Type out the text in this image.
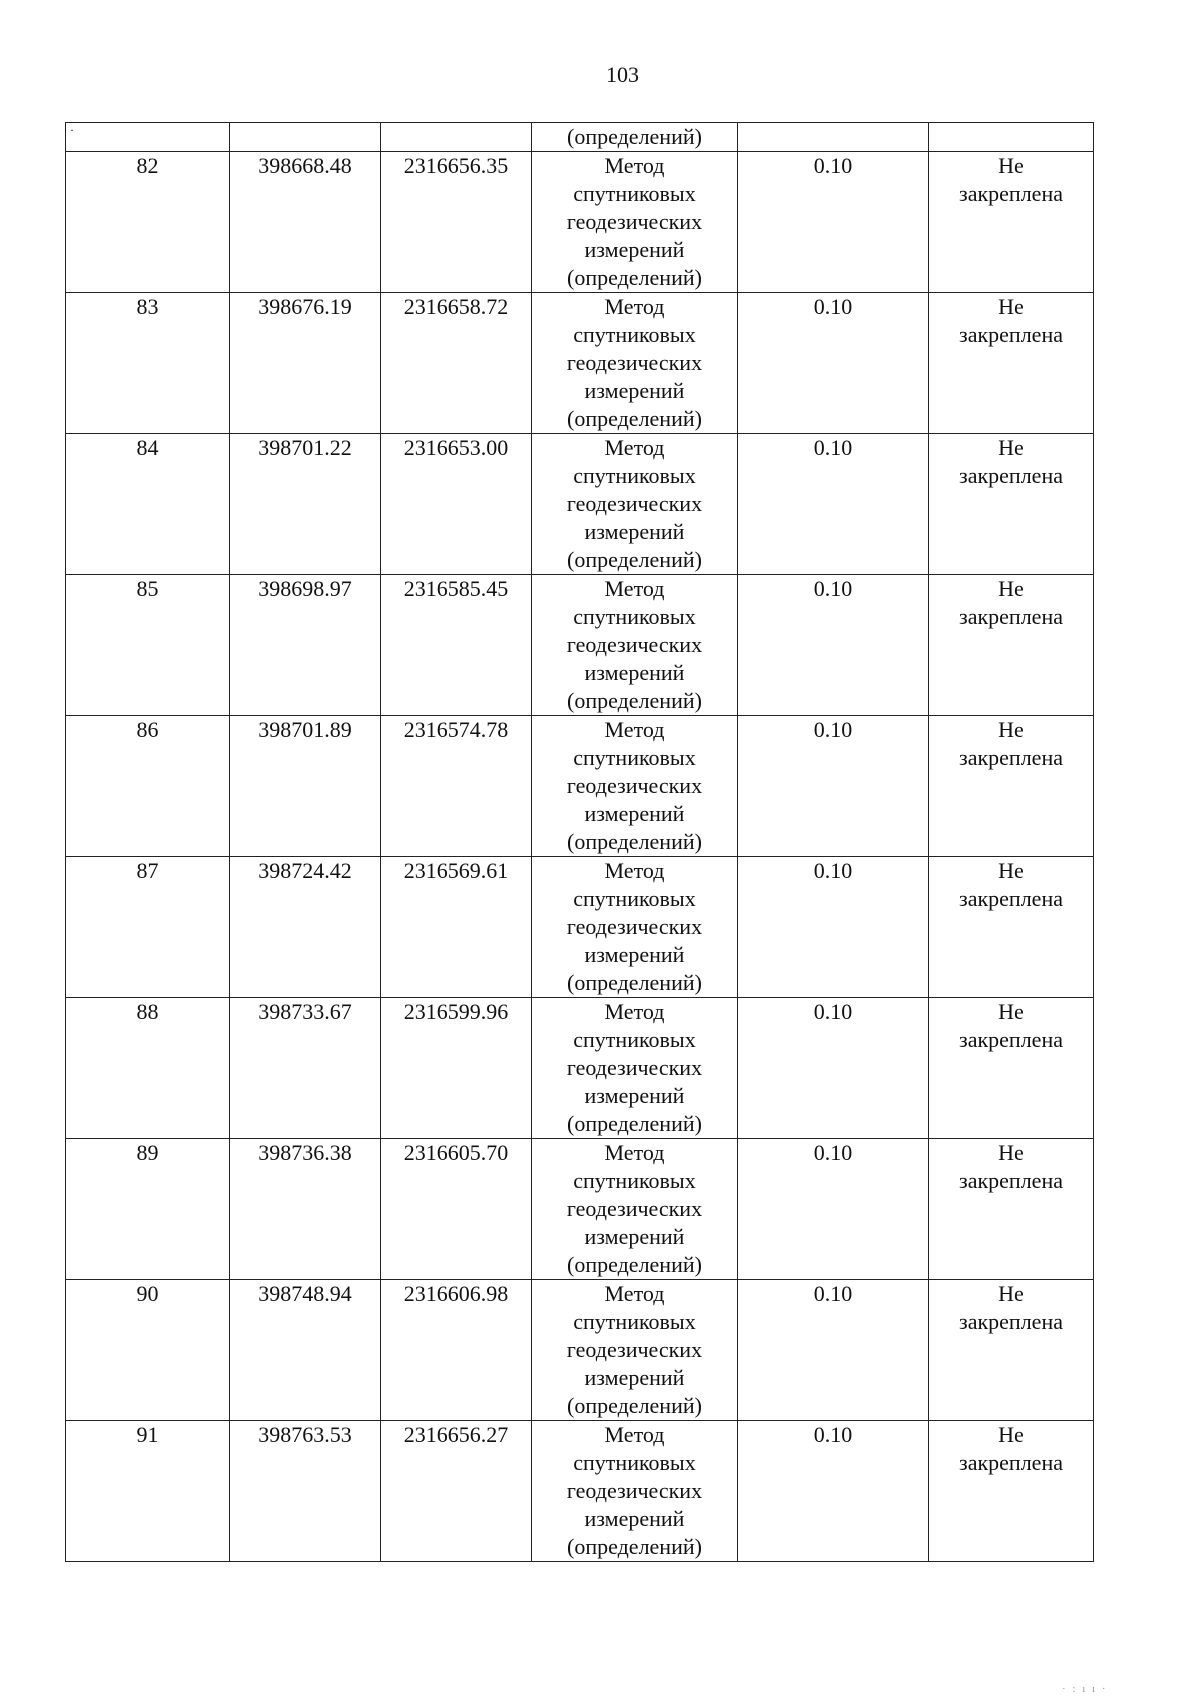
103
·
				(определений)		
82	398668.48	2316656.35	Метод
спутниковых
геодезических
измерений
(определений)	0.10	Не
закреплена

83	398676.19	2316658.72	Метод
спутниковых
геодезических
измерений
(определений)	0.10	Не
закреплена

84	398701.22	2316653.00	Метод
спутниковых
геодезических
измерений
(определений)	0.10	Не
закреплена

85	398698.97	2316585.45	Метод
спутниковых
геодезических
измерений
(определений)	0.10	Не
закреплена

86	398701.89	2316574.78	Метод
спутниковых
геодезических
измерений
(определений)	0.10	Не
закреплена

87	398724.42	2316569.61	Метод
спутниковых
геодезических
измерений
(определений)	0.10	Не
закреплена

88	398733.67	2316599.96	Метод
спутниковых
геодезических
измерений
(определений)	0.10	Не
закреплена

89	398736.38	2316605.70	Метод
спутниковых
геодезических
измерений
(определений)	0.10	Не
закреплена

90	398748.94	2316606.98	Метод
спутниковых
геодезических
измерений
(определений)	0.10	Не
закреплена

91	398763.53	2316656.27	Метод
спутниковых
геодезических
измерений
(определений)	0.10	Не
закреплена
· : ı ı ·
